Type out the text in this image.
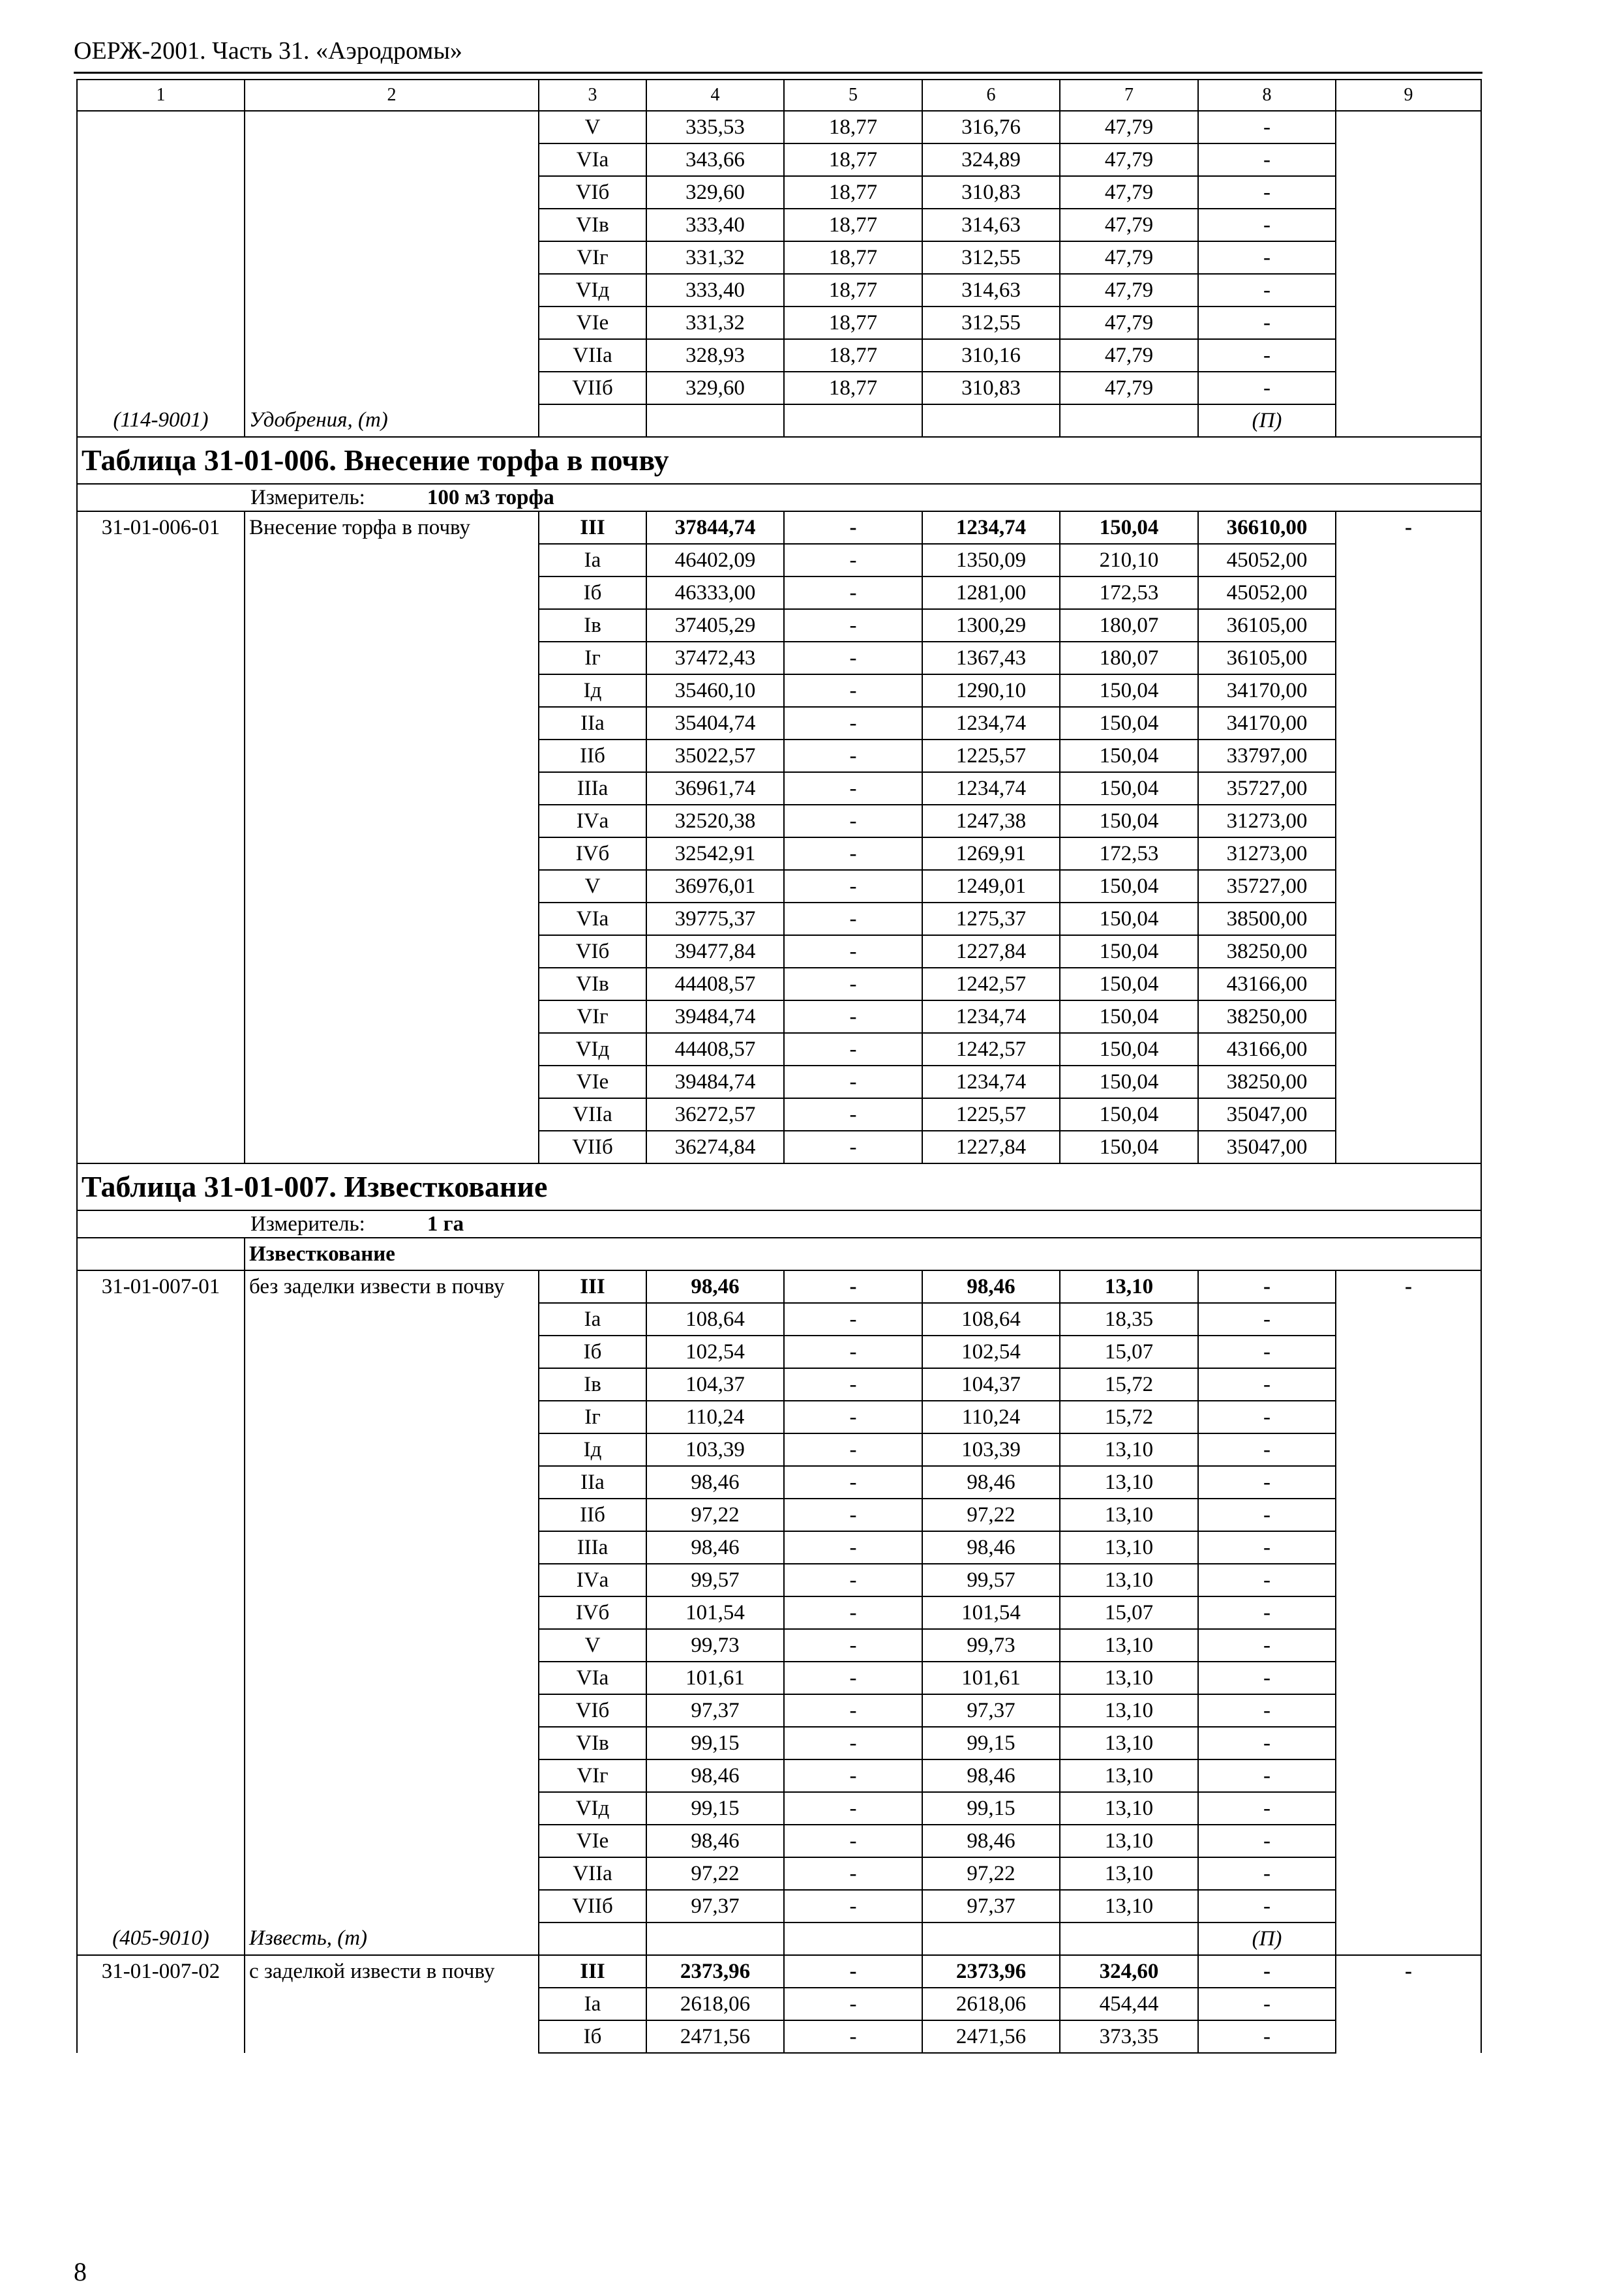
ОЕРЖ-2001. Часть 31. «Аэродромы»
1	2	3	4	5	6	7	8	9
		V	335,53	18,77	316,76	47,79	-	
		VIа	343,66	18,77	324,89	47,79	-	
		VIб	329,60	18,77	310,83	47,79	-	
		VIв	333,40	18,77	314,63	47,79	-	
		VIг	331,32	18,77	312,55	47,79	-	
		VIд	333,40	18,77	314,63	47,79	-	
		VIе	331,32	18,77	312,55	47,79	-	
		VIIа	328,93	18,77	310,16	47,79	-	
		VIIб	329,60	18,77	310,83	47,79	-	
(114-9001)	Удобрения, (т)						(П)	
Таблица 31-01-006. Внесение торфа в почву								
Измеритель: 100 м3 торфа								
31-01-006-01	Внесение торфа в почву	III	37844,74	-	1234,74	150,04	36610,00	-
		Iа	46402,09	-	1350,09	210,10	45052,00	
		Iб	46333,00	-	1281,00	172,53	45052,00	
		Iв	37405,29	-	1300,29	180,07	36105,00	
		Iг	37472,43	-	1367,43	180,07	36105,00	
		Iд	35460,10	-	1290,10	150,04	34170,00	
		IIа	35404,74	-	1234,74	150,04	34170,00	
		IIб	35022,57	-	1225,57	150,04	33797,00	
		IIIа	36961,74	-	1234,74	150,04	35727,00	
		IVа	32520,38	-	1247,38	150,04	31273,00	
		IVб	32542,91	-	1269,91	172,53	31273,00	
		V	36976,01	-	1249,01	150,04	35727,00	
		VIа	39775,37	-	1275,37	150,04	38500,00	
		VIб	39477,84	-	1227,84	150,04	38250,00	
		VIв	44408,57	-	1242,57	150,04	43166,00	
		VIг	39484,74	-	1234,74	150,04	38250,00	
		VIд	44408,57	-	1242,57	150,04	43166,00	
		VIе	39484,74	-	1234,74	150,04	38250,00	
		VIIа	36272,57	-	1225,57	150,04	35047,00	
		VIIб	36274,84	-	1227,84	150,04	35047,00	
Таблица 31-01-007. Известкование								
Измеритель: 1 га								
	Известкование							
31-01-007-01	без заделки извести в почву	III	98,46	-	98,46	13,10	-	-
		Iа	108,64	-	108,64	18,35	-	
		Iб	102,54	-	102,54	15,07	-	
		Iв	104,37	-	104,37	15,72	-	
		Iг	110,24	-	110,24	15,72	-	
		Iд	103,39	-	103,39	13,10	-	
		IIа	98,46	-	98,46	13,10	-	
		IIб	97,22	-	97,22	13,10	-	
		IIIа	98,46	-	98,46	13,10	-	
		IVа	99,57	-	99,57	13,10	-	
		IVб	101,54	-	101,54	15,07	-	
		V	99,73	-	99,73	13,10	-	
		VIа	101,61	-	101,61	13,10	-	
		VIб	97,37	-	97,37	13,10	-	
		VIв	99,15	-	99,15	13,10	-	
		VIг	98,46	-	98,46	13,10	-	
		VIд	99,15	-	99,15	13,10	-	
		VIе	98,46	-	98,46	13,10	-	
		VIIа	97,22	-	97,22	13,10	-	
		VIIб	97,37	-	97,37	13,10	-	
(405-9010)	Известь, (т)						(П)	
31-01-007-02	с заделкой извести в почву	III	2373,96	-	2373,96	324,60	-	-
		Iа	2618,06	-	2618,06	454,44	-	
		Iб	2471,56	-	2471,56	373,35	-	
8
